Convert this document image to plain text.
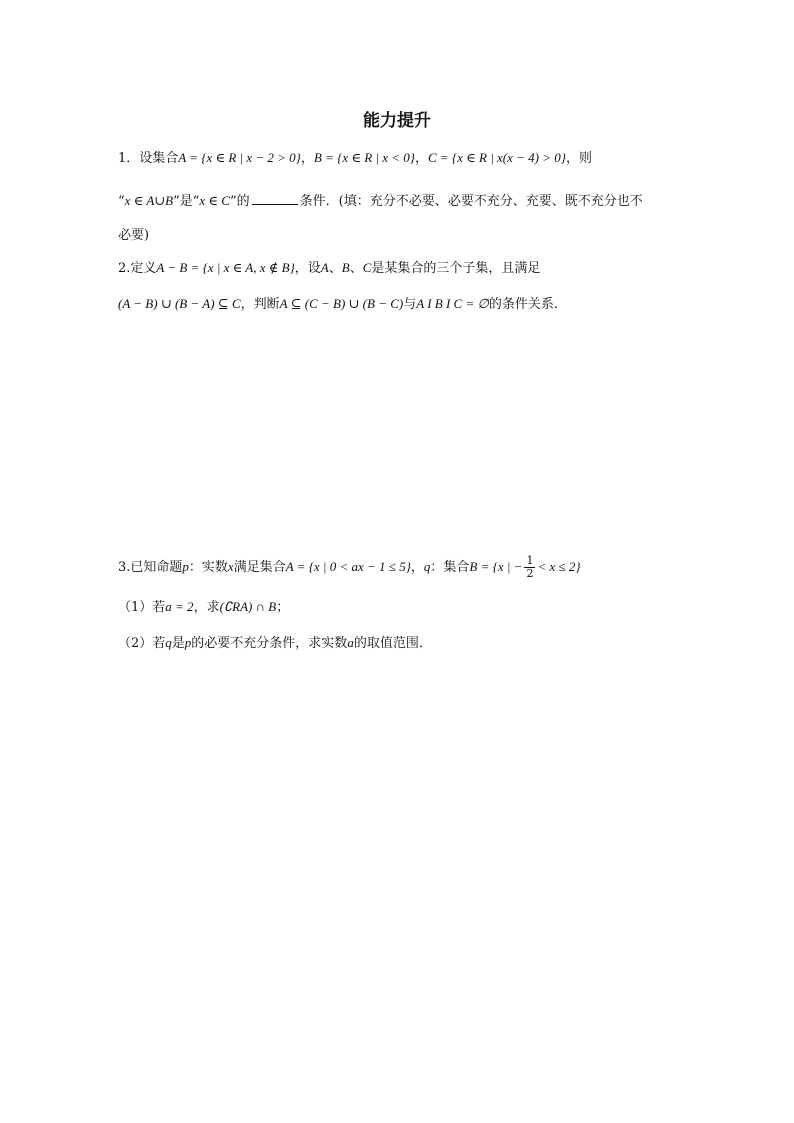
能力提升
1．设集合A = {x ∈ R | x − 2 > 0}，B = {x ∈ R | x < 0}，C = {x ∈ R | x(x − 4) > 0}，则
“x ∈ A∪B”是“x ∈ C”的	条件．(填：充分不必要、必要不充分、充要、既不充分也不
必要)
2.定义A − B = {x | x ∈ A, x ∉ B}，设A、B、C是某集合的三个子集，且满足
(A − B) ∪ (B − A) ⊆ C，判断A ⊆ (C − B) ∪ (B − C)与A I B I C = ∅的条件关系.
3.已知命题p：实数x满足集合A = {x | 0 < ax − 1 ≤ 5}，q：集合B = {x | − $\frac{1}{2} < x \le 2$}
（1）若a = 2，求(∁RA) ∩ B；
（2）若q是p的必要不充分条件，求实数a的取值范围．
